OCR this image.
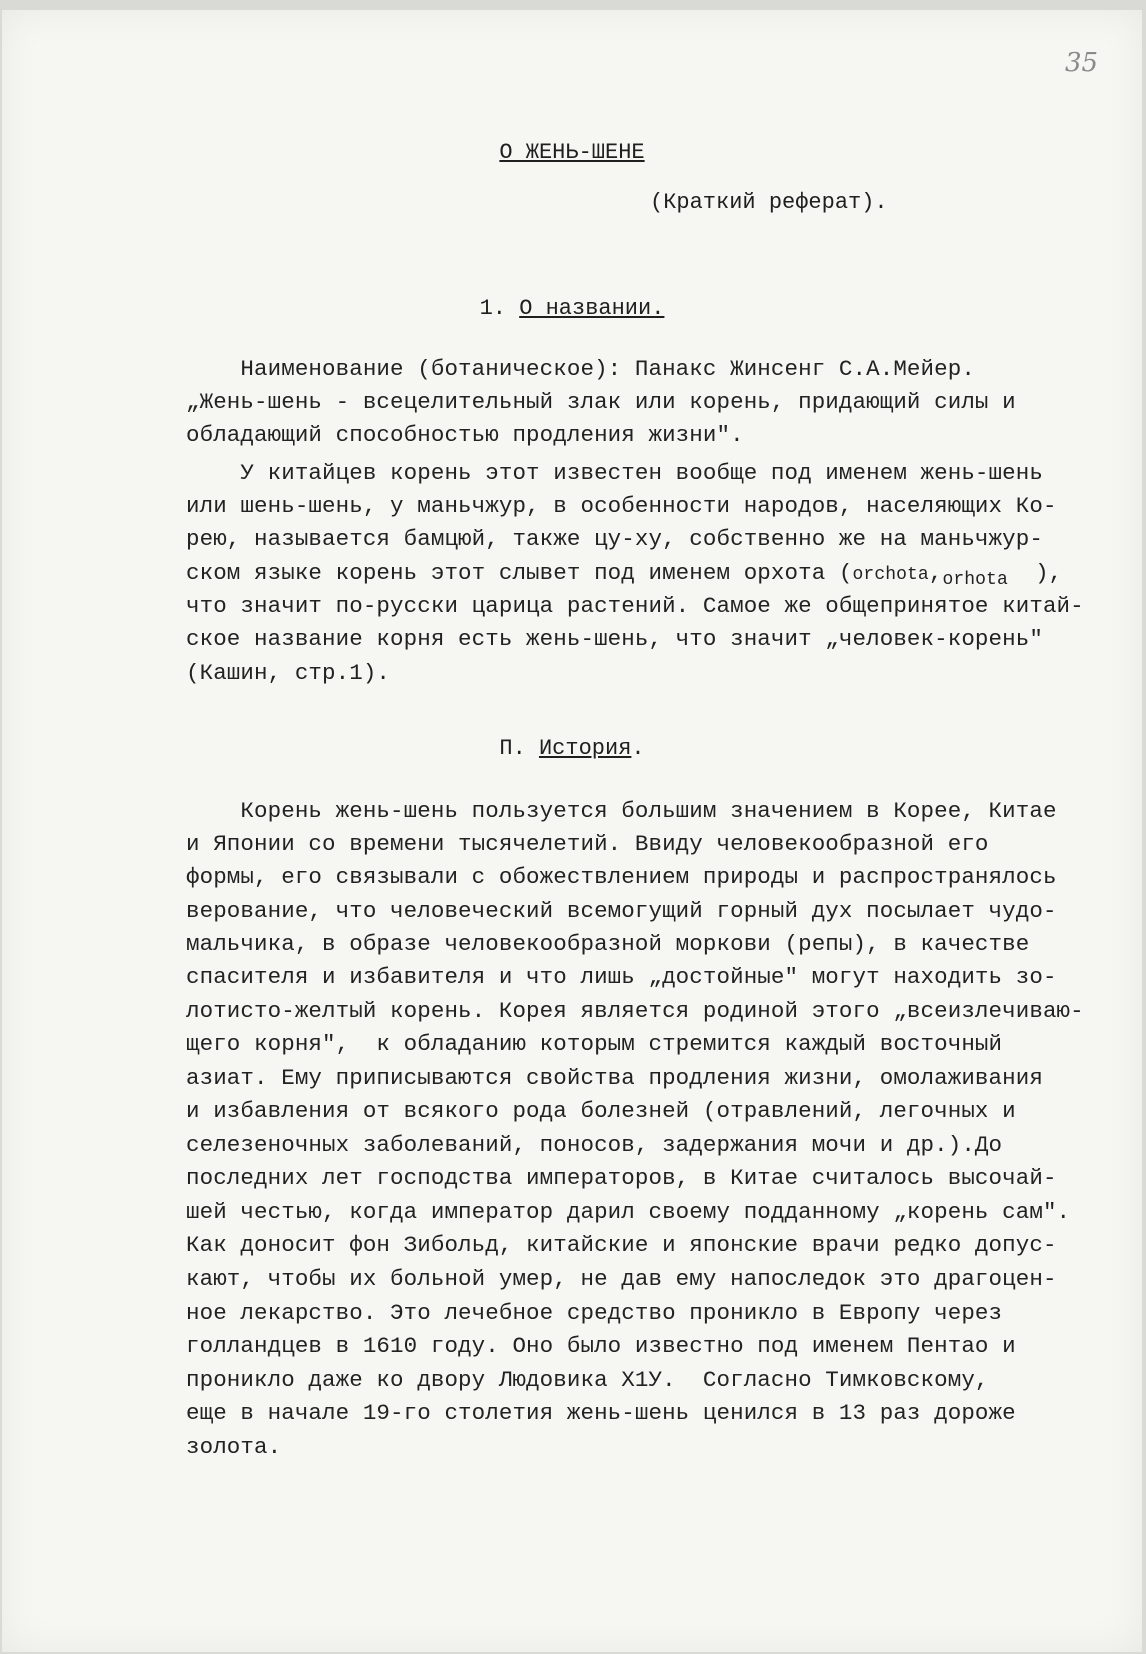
35
О ЖЕНЬ-ШЕНЕ
(Краткий реферат).
1. О названии.
Наименование (ботаническое): Панакс Жинсенг С.А.Мейер.
„Жень-шень - всецелительный злак или корень, придающий силы и
обладающий способностью продления жизни".
У китайцев корень этот известен вообще под именем жень-шень
или шень-шень, у маньчжур, в особенности народов, населяющих Ко-
рею, называется бамцюй, также цу-ху, собственно же на маньчжур-
ском языке корень этот слывет под именем орхота ($orchota,_{orhota}$  ),
что значит по-русски царица растений. Самое же общепринятое китай-
ское название корня есть жень-шень, что значит „человек-корень"
(Кашин, стр.1).
П. История.
Корень жень-шень пользуется большим значением в Корее, Китае
и Японии со времени тысячелетий. Ввиду человекообразной его
формы, его связывали с обожествлением природы и распространялось
верование, что человеческий всемогущий горный дух посылает чудо-
мальчика, в образе человекообразной моркови (репы), в качестве
спасителя и избавителя и что лишь „достойные" могут находить зо-
лотисто-желтый корень. Корея является родиной этого „всеизлечиваю-
щего корня",  к обладанию которым стремится каждый восточный
азиат. Ему приписываются свойства продления жизни, омолаживания
и избавления от всякого рода болезней (отравлений, легочных и
селезеночных заболеваний, поносов, задержания мочи и др.).До
последних лет господства императоров, в Китае считалось высочай-
шей честью, когда император дарил своему подданному „корень сам".
Как доносит фон Зибольд, китайские и японские врачи редко допус-
кают, чтобы их больной умер, не дав ему напоследок это драгоцен-
ное лекарство. Это лечебное средство проникло в Европу через
голландцев в 1610 году. Оно было известно под именем Пентао и
проникло даже ко двору Людовика Х1У.  Согласно Тимковскому,
еще в начале 19-го столетия жень-шень ценился в 13 раз дороже
золота.
